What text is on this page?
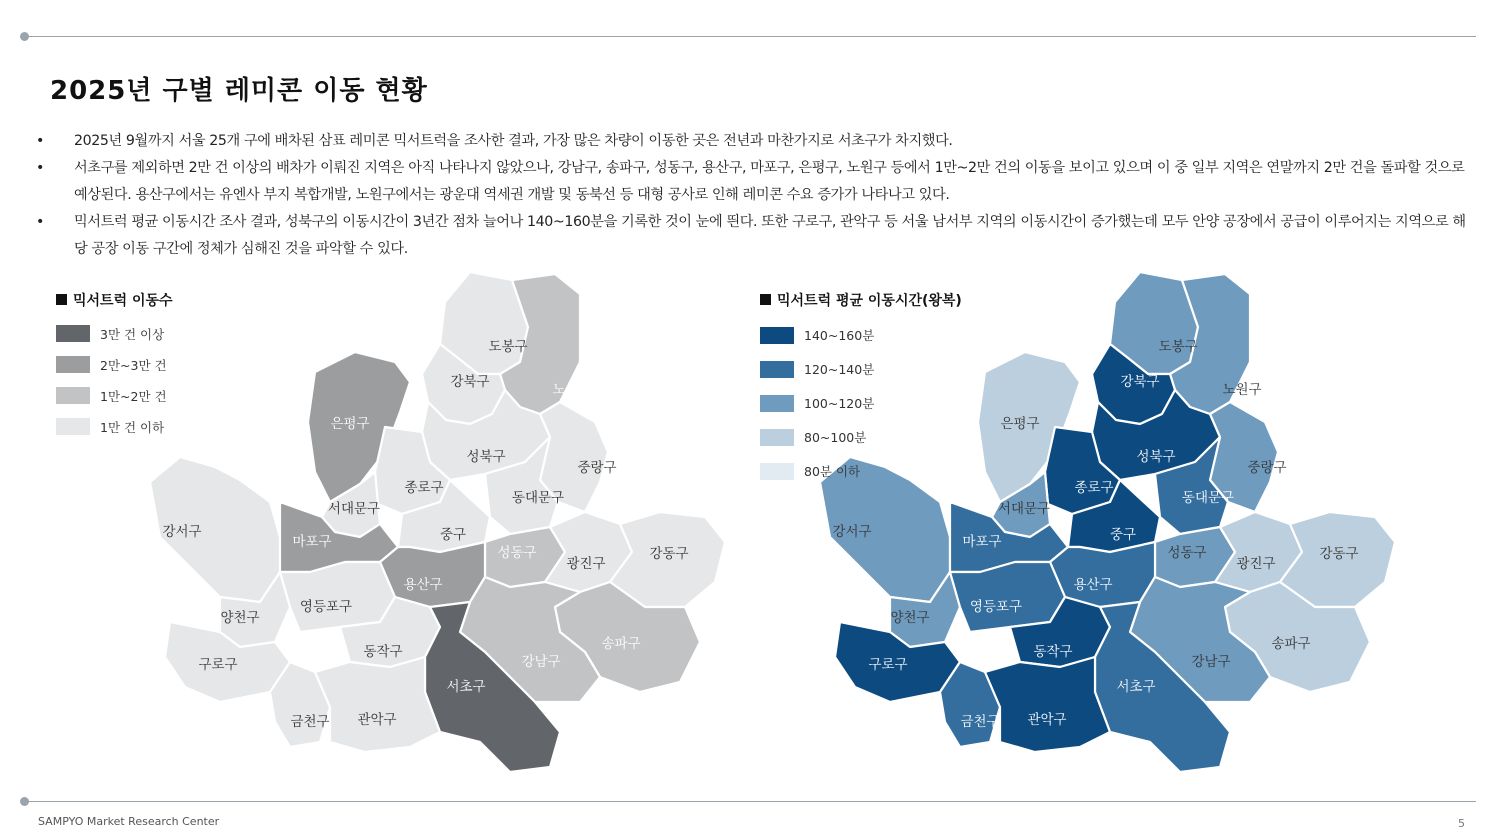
2025년 구별 레미콘 이동 현황
• 2025년 9월까지 서울 25개 구에 배차된 삼표 레미콘 믹서트럭을 조사한 결과, 가장 많은 차량이 이동한 곳은 전년과 마찬가지로 서초구가 차지했다.
• 서초구를 제외하면 2만 건 이상의 배차가 이뤄진 지역은 아직 나타나지 않았으나, 강남구, 송파구, 성동구, 용산구, 마포구, 은평구, 노원구 등에서 1만~2만 건의 이동을 보이고 있으며 이 중 일부 지역은 연말까지 2만 건을 돌파할 것으로 예상된다. 용산구에서는 유엔사 부지 복합개발, 노원구에서는 광운대 역세권 개발 및 동북선 등 대형 공사로 인해 레미콘 수요 증가가 나타나고 있다.
• 믹서트럭 평균 이동시간 조사 결과, 성북구의 이동시간이 3년간 점차 늘어나 140~160분을 기록한 것이 눈에 띈다. 또한 구로구, 관악구 등 서울 남서부 지역의 이동시간이 증가했는데 모두 안양 공장에서 공급이 이루어지는 지역으로 해당 공장 이동 구간에 정체가 심해진 것을 파악할 수 있다.
도봉구
노원구
강북구
은평구
성북구
중랑구
종로구
서대문구
동대문구
강서구
마포구	중구
성동구
광진구
강동구
용산구
양천구
영등포구
구로구
동작구	송파구
강남구
서초구
금천구 관악구
도봉구
노원구
강북구
은평구
성북구
중랑구
종로구
서대문구
동대문구
강서구
마포구	중구
성동구
광진구
강동구
용산구
양천구
영등포구
구로구
동작구	송파구
강남구
서초구
금천구 관악구
믹서트럭 이동수
3만 건 이상
2만~3만 건
1만~2만 건
1만 건 이하
믹서트럭 평균 이동시간(왕복)
140~160분
120~140분
100~120분
80~100분
80분 이하
SAMPYO Market Research Center	5
